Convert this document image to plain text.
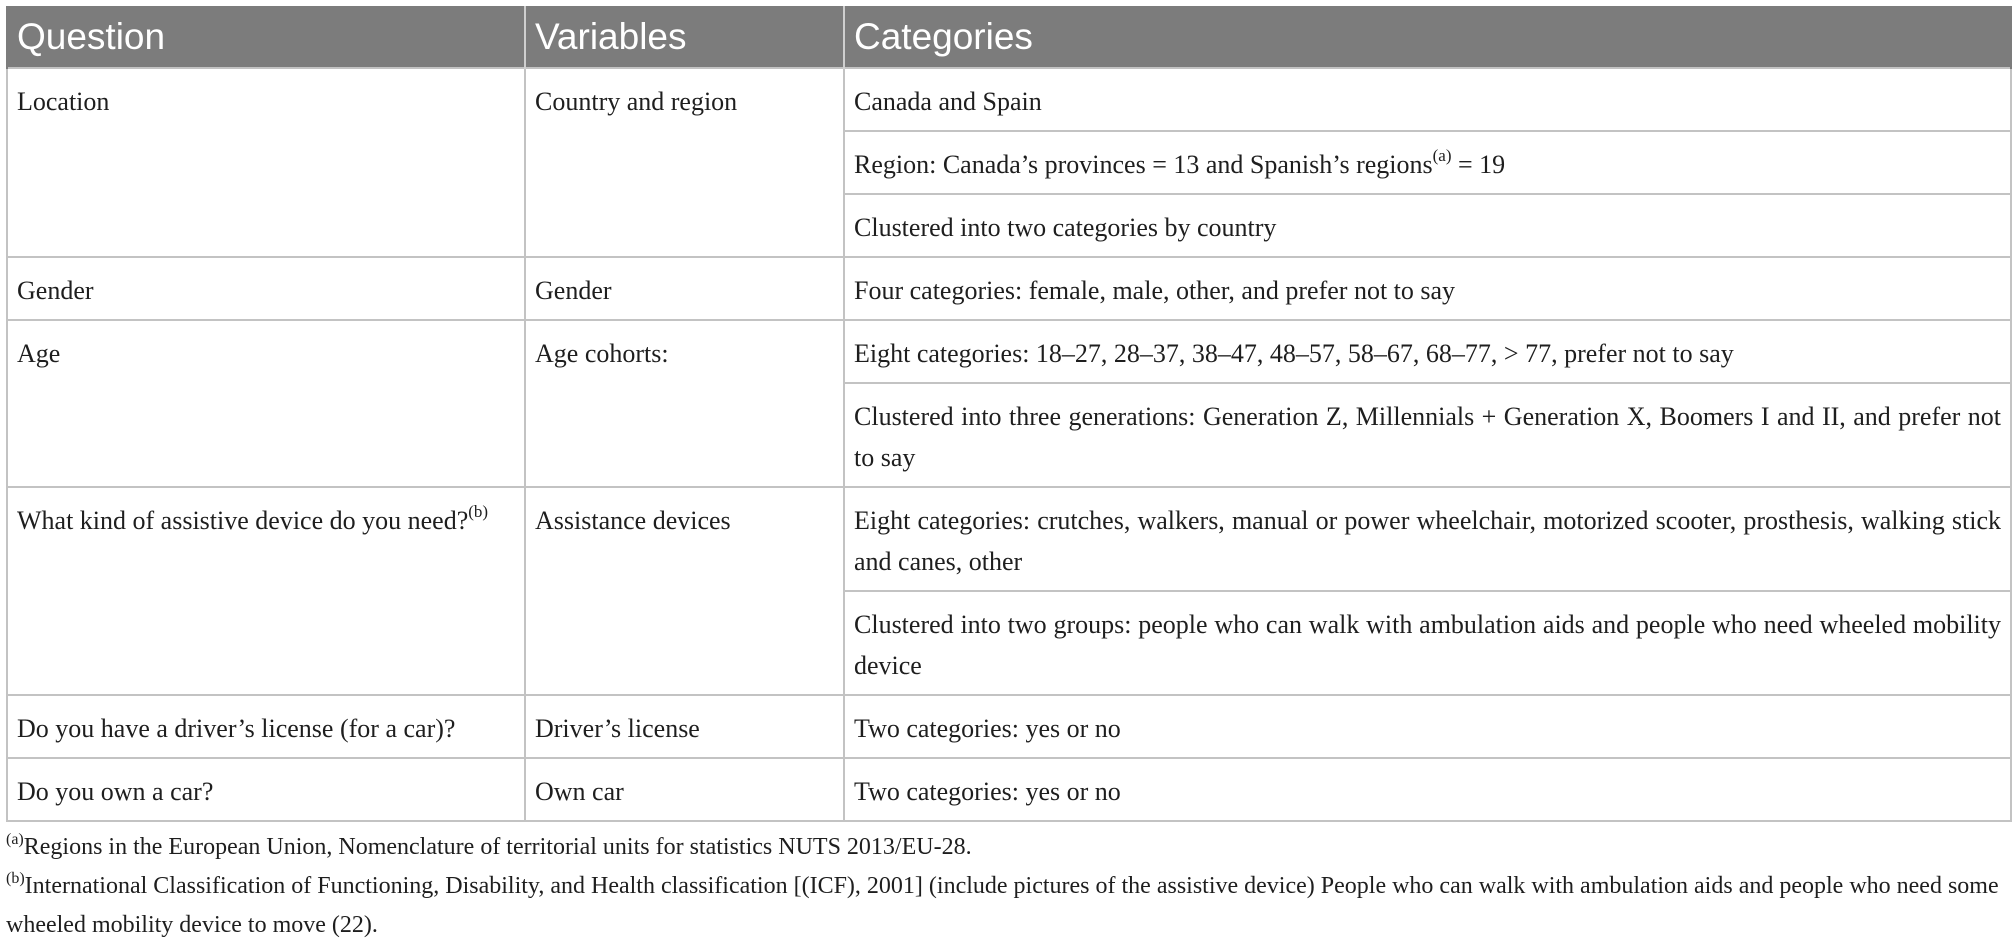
Question	Variables	Categories
Location	Country and region	Canada and Spain
		Region: Canada’s provinces = 13 and Spanish’s regions$^{(a)}$ = 19
		Clustered into two categories by country
Gender	Gender	Four categories: female, male, other, and prefer not to say
Age	Age cohorts:	Eight categories: 18–27, 28–37, 38–47, 48–57, 58–67, 68–77, > 77, prefer not to say
		Clustered into three generations: Generation Z, Millennials + Generation X, Boomers I and II, and prefer not to say
What kind of assistive device do you need?$^{(b)}$	Assistance devices	Eight categories: crutches, walkers, manual or power wheelchair, motorized scooter, prosthesis, walking stick and canes, other
		Clustered into two groups: people who can walk with ambulation aids and people who need wheeled mobility device
Do you have a driver’s license (for a car)?	Driver’s license	Two categories: yes or no
Do you own a car?	Own car	Two categories: yes or no

$^{(a)}$Regions in the European Union, Nomenclature of territorial units for statistics NUTS 2013/EU-28.

$^{(b)}$International Classification of Functioning, Disability, and Health classification [(ICF), 2001] (include pictures of the assistive device) People who can walk with ambulation aids and people who need some wheeled mobility device to move (22).
